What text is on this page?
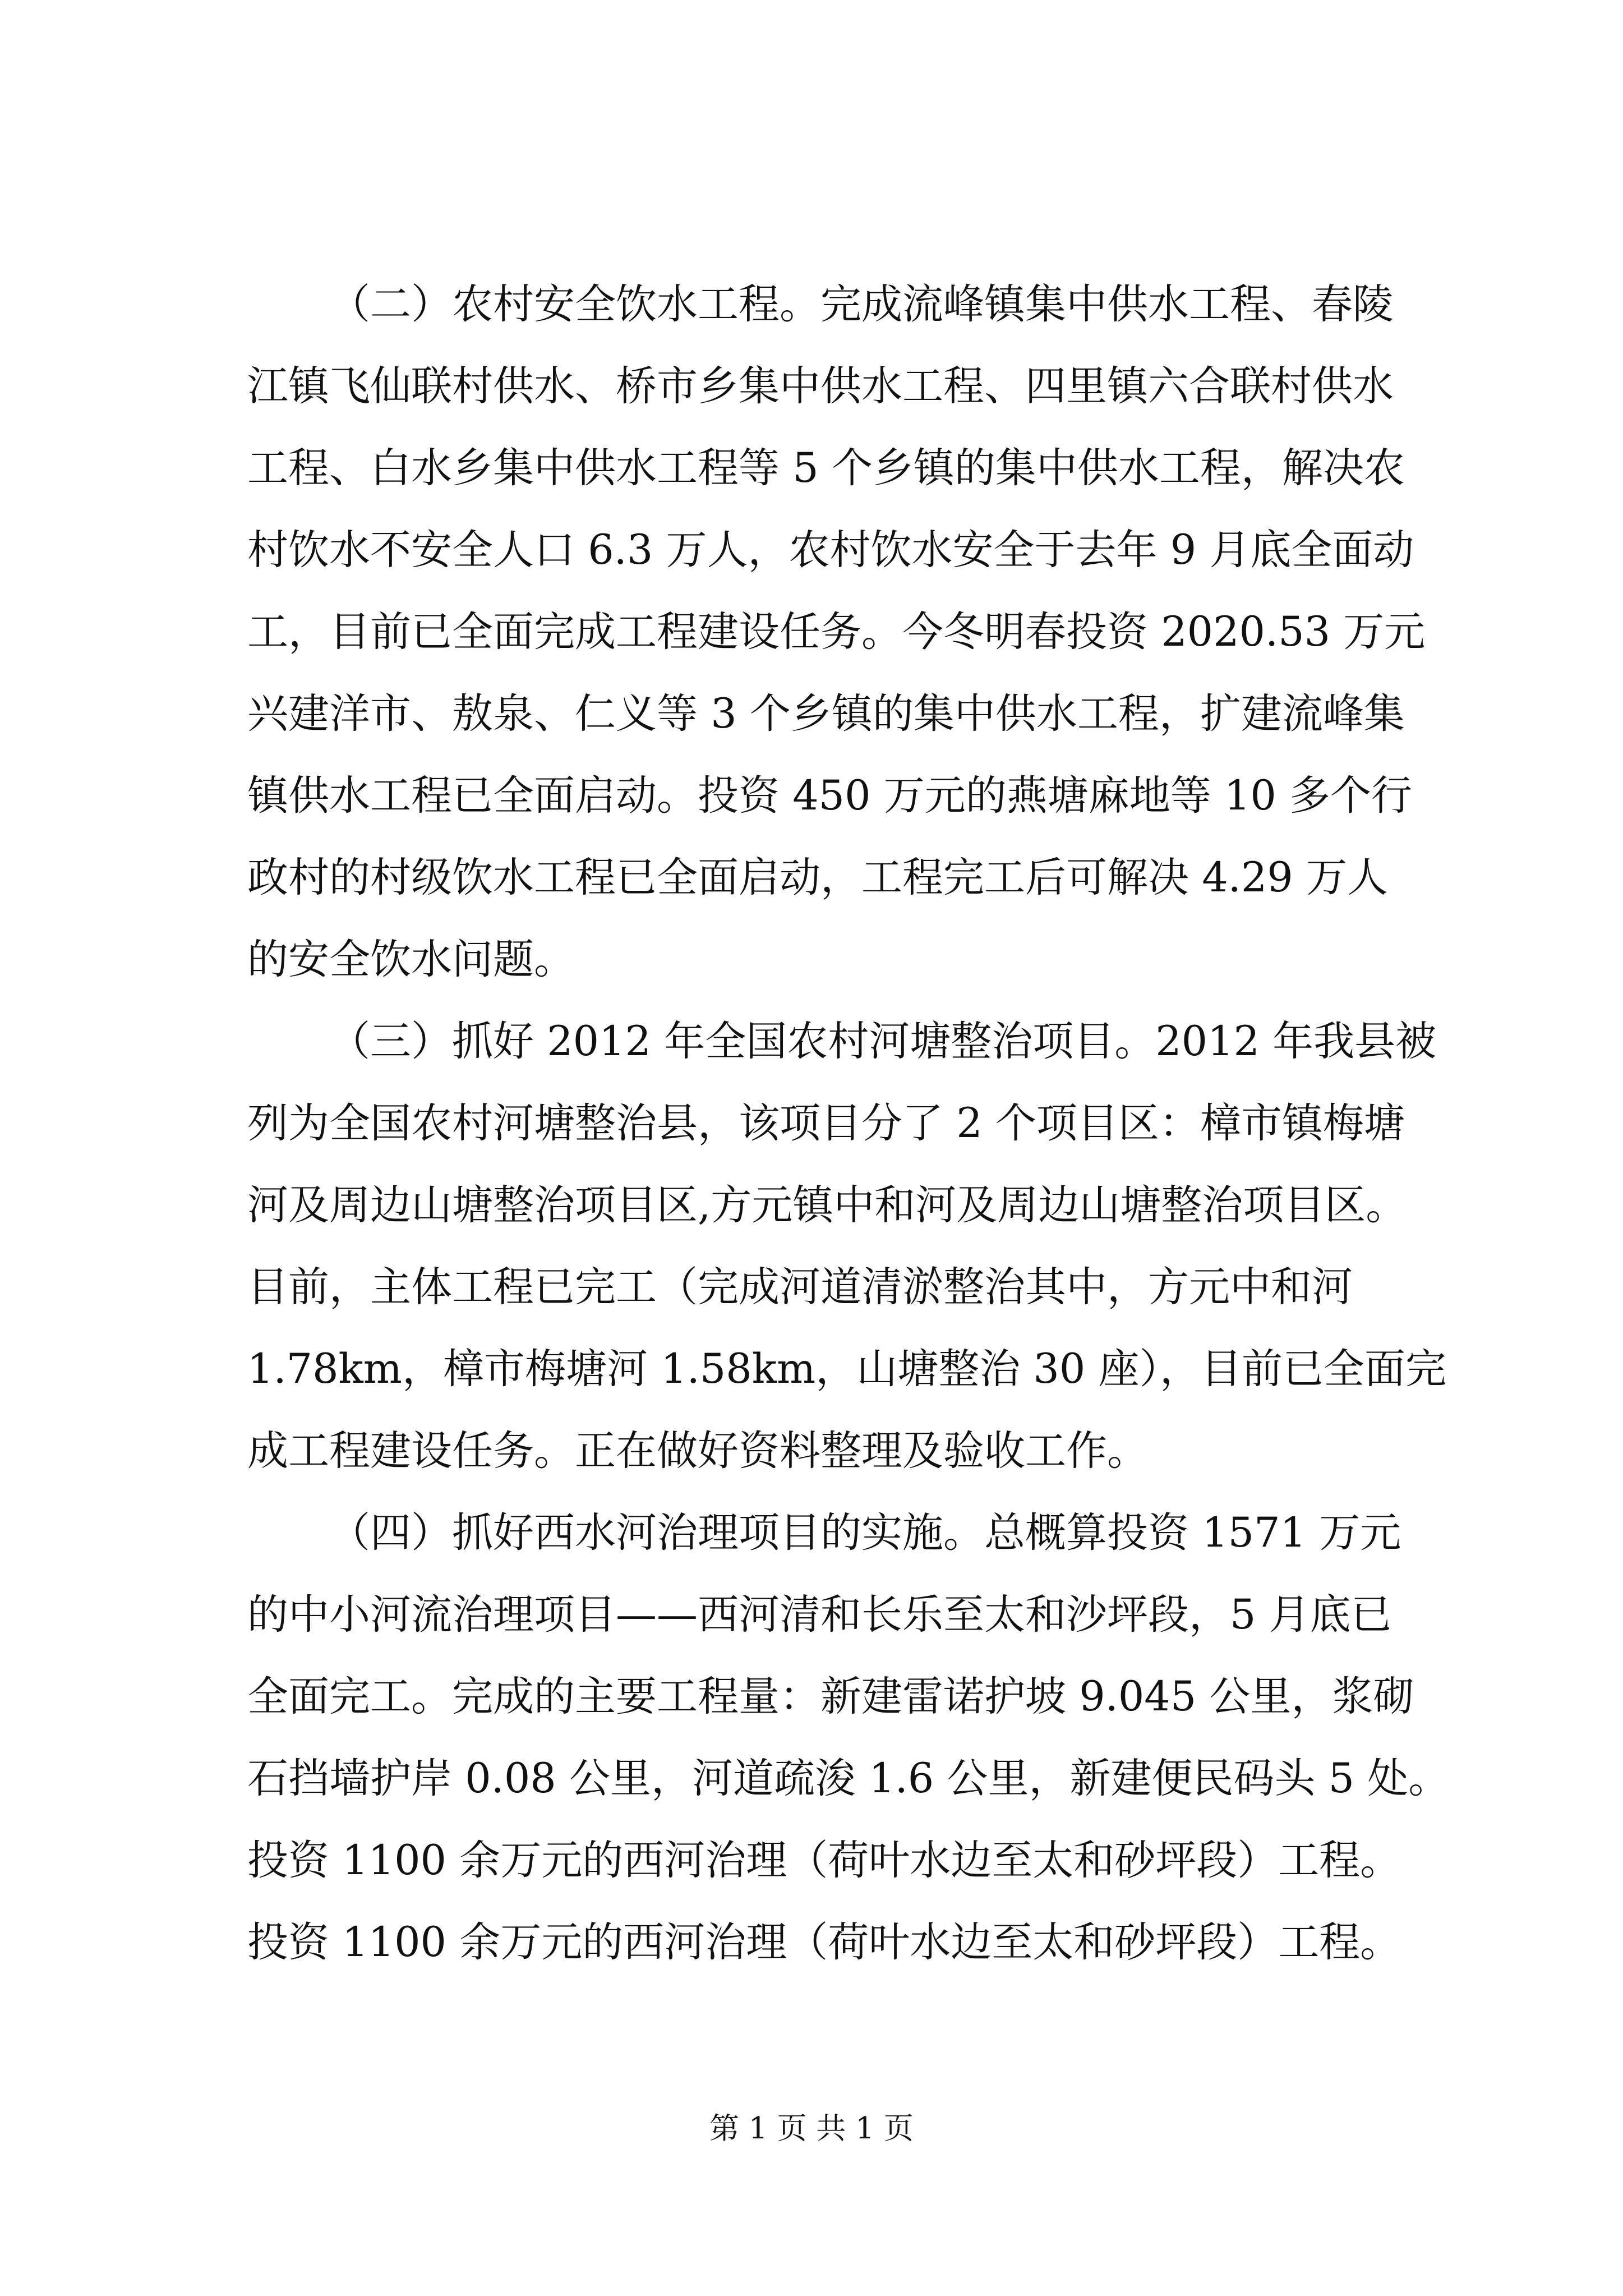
（二）农村安全饮水工程。完成流峰镇集中供水工程、春陵
江镇飞仙联村供水、桥市乡集中供水工程、四里镇六合联村供水
工程、白水乡集中供水工程等 5 个乡镇的集中供水工程，解决农
村饮水不安全人口 6.3 万人，农村饮水安全于去年 9 月底全面动
工，目前已全面完成工程建设任务。今冬明春投资 2020.53 万元
兴建洋市、敖泉、仁义等 3 个乡镇的集中供水工程，扩建流峰集
镇供水工程已全面启动。投资 450 万元的燕塘麻地等 10 多个行
政村的村级饮水工程已全面启动，工程完工后可解决 4.29 万人
的安全饮水问题。
（三）抓好 2012 年全国农村河塘整治项目。2012 年我县被
列为全国农村河塘整治县，该项目分了 2 个项目区：樟市镇梅塘
河及周边山塘整治项目区,方元镇中和河及周边山塘整治项目区。
目前，主体工程已完工（完成河道清淤整治其中，方元中和河
1.78km，樟市梅塘河 1.58km，山塘整治 30 座），目前已全面完
成工程建设任务。正在做好资料整理及验收工作。
（四）抓好西水河治理项目的实施。总概算投资 1571 万元
的中小河流治理项目——西河清和长乐至太和沙坪段，5 月底已
全面完工。完成的主要工程量：新建雷诺护坡 9.045 公里，浆砌
石挡墙护岸 0.08 公里，河道疏浚 1.6 公里，新建便民码头 5 处。
投资 1100 余万元的西河治理（荷叶水边至太和砂坪段）工程。
投资 1100 余万元的西河治理（荷叶水边至太和砂坪段）工程。
第 1 页 共 1 页
